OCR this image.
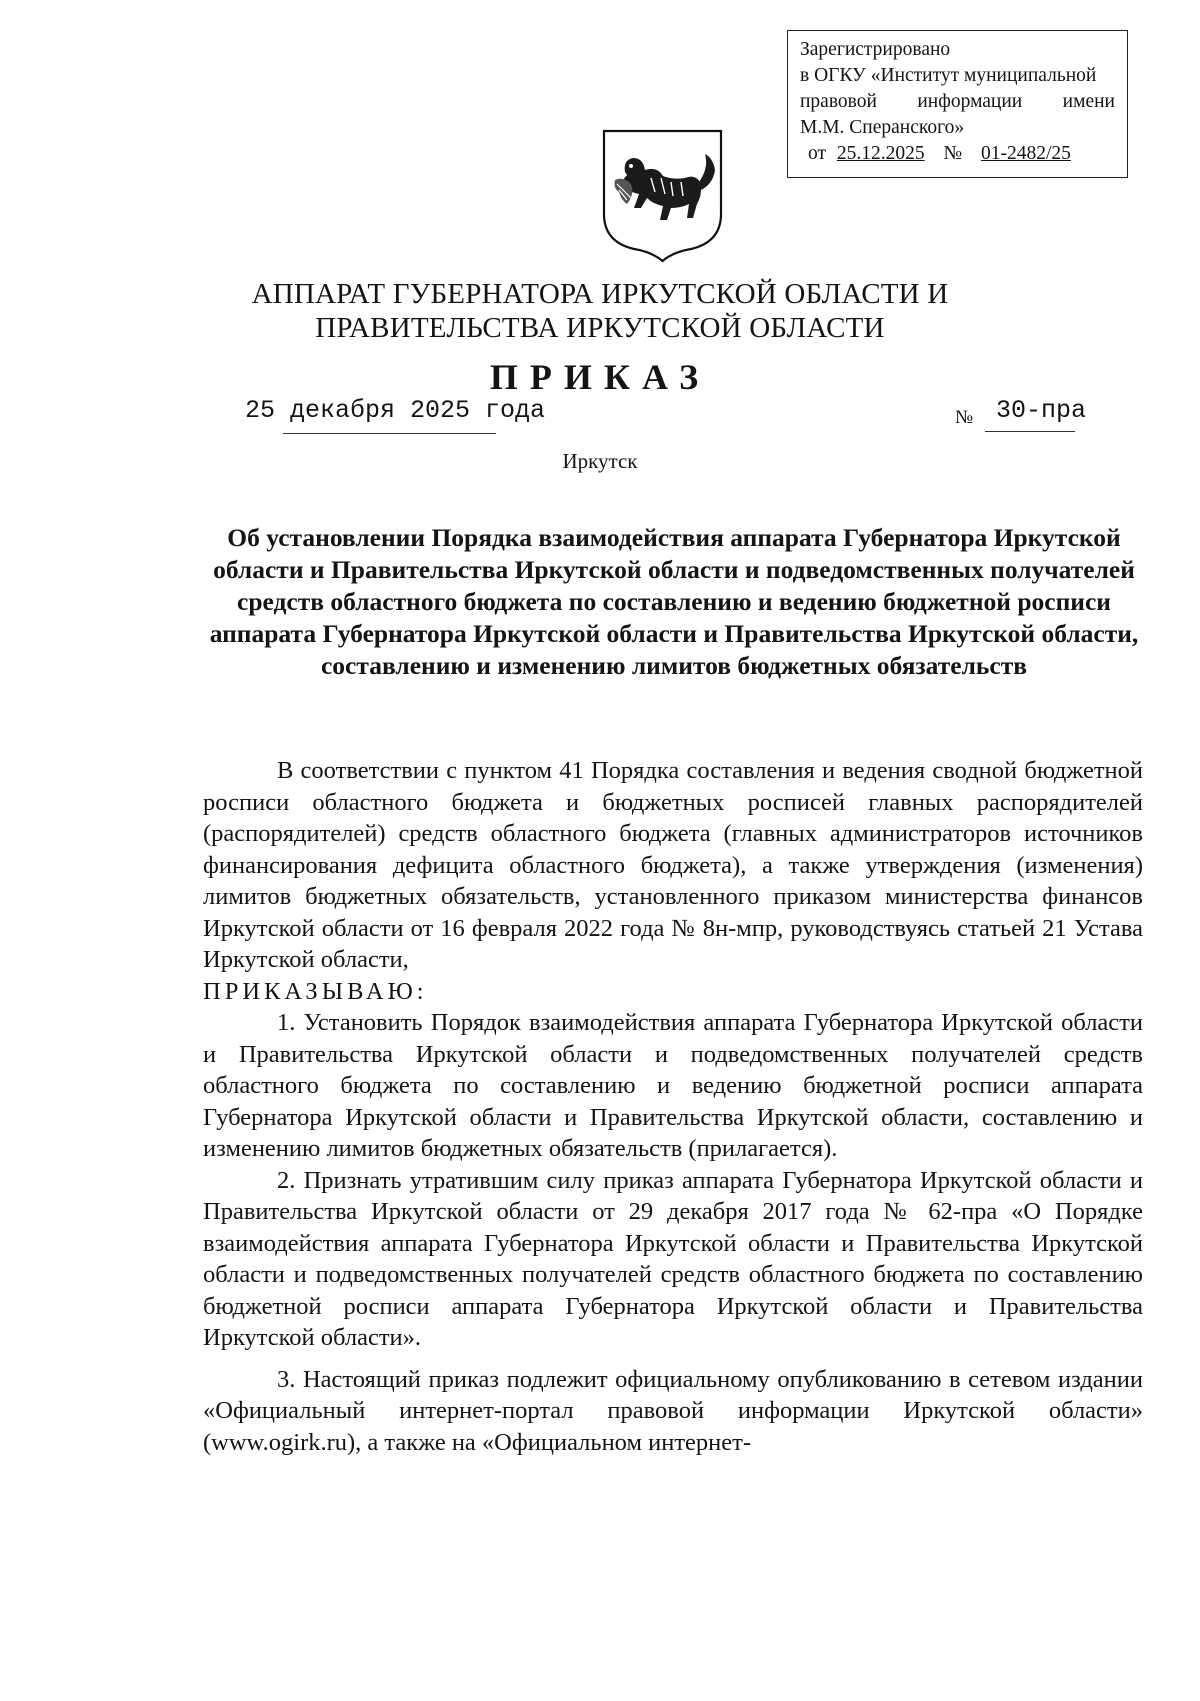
Зарегистрировано
в ОГКУ «Институт муниципальной
правовой информации имени
М.М. Сперанского»
от 25.12.2025 № 01-2482/25
АППАРАТ ГУБЕРНАТОРА ИРКУТСКОЙ ОБЛАСТИ И
ПРАВИТЕЛЬСТВА ИРКУТСКОЙ ОБЛАСТИ
ПРИКАЗ
25 декабря 2025 года	№ 30-пра
Иркутск
Об установлении Порядка взаимодействия аппарата Губернатора Иркутской области и Правительства Иркутской области и подведомственных получателей средств областного бюджета по составлению и ведению бюджетной росписи аппарата Губернатора Иркутской области и Правительства Иркутской области, составлению и изменению лимитов бюджетных обязательств
В соответствии с пунктом 41 Порядка составления и ведения сводной бюджетной росписи областного бюджета и бюджетных росписей главных распорядителей (распорядителей) средств областного бюджета (главных администраторов источников финансирования дефицита областного бюджета), а также утверждения (изменения) лимитов бюджетных обязательств, установленного приказом министерства финансов Иркутской области от 16 февраля 2022 года № 8н-мпр, руководствуясь статьей 21 Устава Иркутской области,
ПРИКАЗЫВАЮ:
1. Установить Порядок взаимодействия аппарата Губернатора Иркутской области и Правительства Иркутской области и подведомственных получателей средств областного бюджета по составлению и ведению бюджетной росписи аппарата Губернатора Иркутской области и Правительства Иркутской области, составлению и изменению лимитов бюджетных обязательств (прилагается).
2. Признать утратившим силу приказ аппарата Губернатора Иркутской области и Правительства Иркутской области от 29 декабря 2017 года № 62-пра «О Порядке взаимодействия аппарата Губернатора Иркутской области и Правительства Иркутской области и подведомственных получателей средств областного бюджета по составлению бюджетной росписи аппарата Губернатора Иркутской области и Правительства Иркутской области».
3. Настоящий приказ подлежит официальному опубликованию в сетевом издании «Официальный интернет-портал правовой информации Иркутской области» (www.ogirk.ru), а также на «Официальном интернет-
